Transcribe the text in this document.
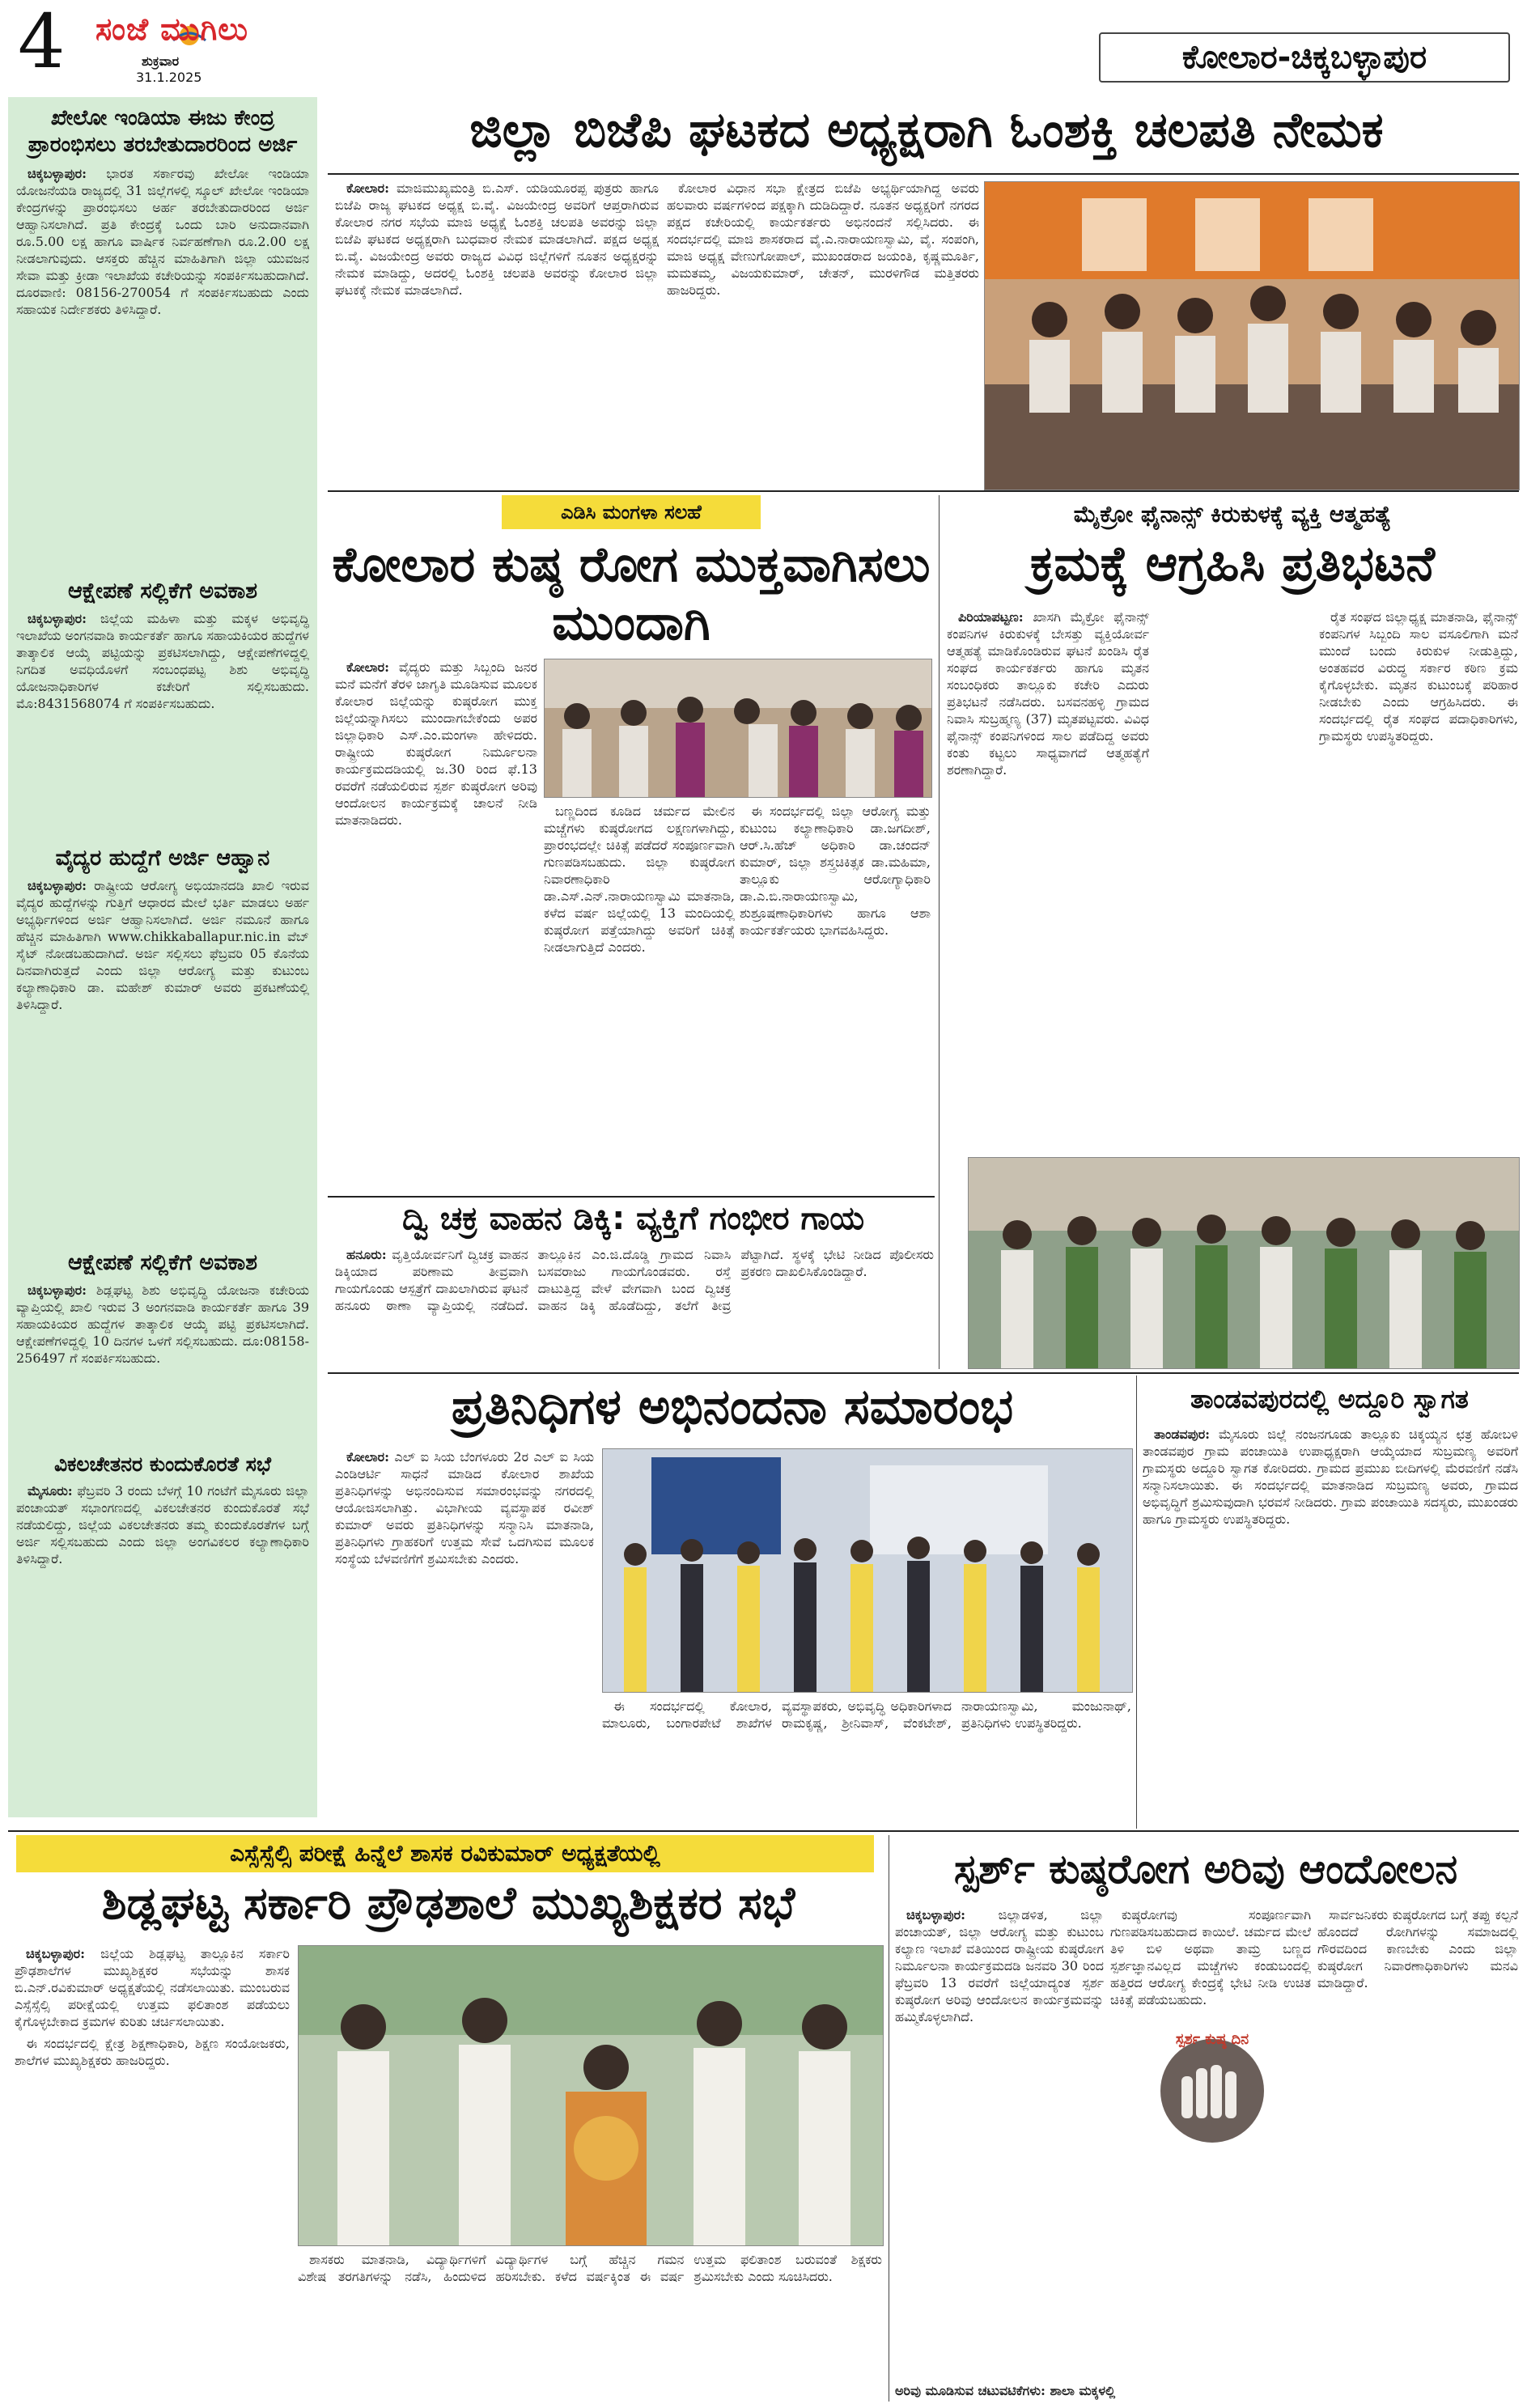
4 ಸಂಜೆ ಮುಗಿಲು
ಶುಕ್ರವಾರ
31.1.2025
ಕೋಲಾರ-ಚಿಕ್ಕಬಳ್ಳಾಪುರ
ಖೇಲೋ ಇಂಡಿಯಾ ಈಜು ಕೇಂದ್ರ ಪ್ರಾರಂಭಿಸಲು ತರಬೇತುದಾರರಿಂದ ಅರ್ಜಿ

ಚಿಕ್ಕಬಳ್ಳಾಪುರ: ಭಾರತ ಸರ್ಕಾರವು ಖೇಲೋ ಇಂಡಿಯಾ ಯೋಜನೆಯಡಿ ರಾಜ್ಯದಲ್ಲಿ 31 ಜಿಲ್ಲೆಗಳಲ್ಲಿ ಸ್ಕೂಲ್ ಖೇಲೋ ಇಂಡಿಯಾ ಕೇಂದ್ರಗಳನ್ನು ಪ್ರಾರಂಭಿಸಲು ಅರ್ಹ ತರಬೇತುದಾರರಿಂದ ಅರ್ಜಿ ಆಹ್ವಾನಿಸಲಾಗಿದೆ. ಪ್ರತಿ ಕೇಂದ್ರಕ್ಕೆ ಒಂದು ಬಾರಿ ಅನುದಾನವಾಗಿ ರೂ.5.00 ಲಕ್ಷ ಹಾಗೂ ವಾರ್ಷಿಕ ನಿರ್ವಹಣೆಗಾಗಿ ರೂ.2.00 ಲಕ್ಷ ನೀಡಲಾಗುವುದು. ಆಸಕ್ತರು ಹೆಚ್ಚಿನ ಮಾಹಿತಿಗಾಗಿ ಜಿಲ್ಲಾ ಯುವಜನ ಸೇವಾ ಮತ್ತು ಕ್ರೀಡಾ ಇಲಾಖೆಯ ಕಚೇರಿಯನ್ನು ಸಂಪರ್ಕಿಸಬಹುದಾಗಿದೆ. ದೂರವಾಣಿ: 08156-270054 ಗೆ ಸಂಪರ್ಕಿಸಬಹುದು ಎಂದು ಸಹಾಯಕ ನಿರ್ದೇಶಕರು ತಿಳಿಸಿದ್ದಾರೆ.

ಆಕ್ಷೇಪಣೆ ಸಲ್ಲಿಕೆಗೆ ಅವಕಾಶ

ಚಿಕ್ಕಬಳ್ಳಾಪುರ: ಜಿಲ್ಲೆಯ ಮಹಿಳಾ ಮತ್ತು ಮಕ್ಕಳ ಅಭಿವೃದ್ಧಿ ಇಲಾಖೆಯ ಅಂಗನವಾಡಿ ಕಾರ್ಯಕರ್ತೆ ಹಾಗೂ ಸಹಾಯಕಿಯರ ಹುದ್ದೆಗಳ ತಾತ್ಕಾಲಿಕ ಆಯ್ಕೆ ಪಟ್ಟಿಯನ್ನು ಪ್ರಕಟಿಸಲಾಗಿದ್ದು, ಆಕ್ಷೇಪಣೆಗಳಿದ್ದಲ್ಲಿ ನಿಗದಿತ ಅವಧಿಯೊಳಗೆ ಸಂಬಂಧಪಟ್ಟ ಶಿಶು ಅಭಿವೃದ್ಧಿ ಯೋಜನಾಧಿಕಾರಿಗಳ ಕಚೇರಿಗೆ ಸಲ್ಲಿಸಬಹುದು. ಮೊ:8431568074 ಗೆ ಸಂಪರ್ಕಿಸಬಹುದು.

ವೈದ್ಯರ ಹುದ್ದೆಗೆ ಅರ್ಜಿ ಆಹ್ವಾನ

ಚಿಕ್ಕಬಳ್ಳಾಪುರ: ರಾಷ್ಟ್ರೀಯ ಆರೋಗ್ಯ ಅಭಿಯಾನದಡಿ ಖಾಲಿ ಇರುವ ವೈದ್ಯರ ಹುದ್ದೆಗಳನ್ನು ಗುತ್ತಿಗೆ ಆಧಾರದ ಮೇಲೆ ಭರ್ತಿ ಮಾಡಲು ಅರ್ಹ ಅಭ್ಯರ್ಥಿಗಳಿಂದ ಅರ್ಜಿ ಆಹ್ವಾನಿಸಲಾಗಿದೆ. ಅರ್ಜಿ ನಮೂನೆ ಹಾಗೂ ಹೆಚ್ಚಿನ ಮಾಹಿತಿಗಾಗಿ www.chikkaballapur.nic.in ವೆಬ್ ಸೈಟ್ ನೋಡಬಹುದಾಗಿದೆ. ಅರ್ಜಿ ಸಲ್ಲಿಸಲು ಫೆಬ್ರವರಿ 05 ಕೊನೆಯ ದಿನವಾಗಿರುತ್ತದೆ ಎಂದು ಜಿಲ್ಲಾ ಆರೋಗ್ಯ ಮತ್ತು ಕುಟುಂಬ ಕಲ್ಯಾಣಾಧಿಕಾರಿ ಡಾ. ಮಹೇಶ್ ಕುಮಾರ್ ಅವರು ಪ್ರಕಟಣೆಯಲ್ಲಿ ತಿಳಿಸಿದ್ದಾರೆ.

ಆಕ್ಷೇಪಣೆ ಸಲ್ಲಿಕೆಗೆ ಅವಕಾಶ

ಚಿಕ್ಕಬಳ್ಳಾಪುರ: ಶಿಡ್ಲಘಟ್ಟ ಶಿಶು ಅಭಿವೃದ್ಧಿ ಯೋಜನಾ ಕಚೇರಿಯ ವ್ಯಾಪ್ತಿಯಲ್ಲಿ ಖಾಲಿ ಇರುವ 3 ಅಂಗನವಾಡಿ ಕಾರ್ಯಕರ್ತೆ ಹಾಗೂ 39 ಸಹಾಯಕಿಯರ ಹುದ್ದೆಗಳ ತಾತ್ಕಾಲಿಕ ಆಯ್ಕೆ ಪಟ್ಟಿ ಪ್ರಕಟಿಸಲಾಗಿದೆ. ಆಕ್ಷೇಪಣೆಗಳಿದ್ದಲ್ಲಿ 10 ದಿನಗಳ ಒಳಗೆ ಸಲ್ಲಿಸಬಹುದು. ದೂ:08158-256497 ಗೆ ಸಂಪರ್ಕಿಸಬಹುದು.

ವಿಕಲಚೇತನರ ಕುಂದುಕೊರತೆ ಸಭೆ

ಮೈಸೂರು: ಫೆಬ್ರವರಿ 3 ರಂದು ಬೆಳಗ್ಗೆ 10 ಗಂಟೆಗೆ ಮೈಸೂರು ಜಿಲ್ಲಾ ಪಂಚಾಯತ್ ಸಭಾಂಗಣದಲ್ಲಿ ವಿಕಲಚೇತನರ ಕುಂದುಕೊರತೆ ಸಭೆ ನಡೆಯಲಿದ್ದು, ಜಿಲ್ಲೆಯ ವಿಕಲಚೇತನರು ತಮ್ಮ ಕುಂದುಕೊರತೆಗಳ ಬಗ್ಗೆ ಅರ್ಜಿ ಸಲ್ಲಿಸಬಹುದು ಎಂದು ಜಿಲ್ಲಾ ಅಂಗವಿಕಲರ ಕಲ್ಯಾಣಾಧಿಕಾರಿ ತಿಳಿಸಿದ್ದಾರೆ.

ಜಿಲ್ಲಾ ಬಿಜೆಪಿ ಘಟಕದ ಅಧ್ಯಕ್ಷರಾಗಿ ಓಂಶಕ್ತಿ ಚಲಪತಿ ನೇಮಕ

ಕೋಲಾರ: ಮಾಜಿಮುಖ್ಯಮಂತ್ರಿ ಬಿ.ಎಸ್. ಯಡಿಯೂರಪ್ಪ ಪುತ್ರರು ಹಾಗೂ ಬಿಜೆಪಿ ರಾಜ್ಯ ಘಟಕದ ಅಧ್ಯಕ್ಷ ಬಿ.ವೈ. ವಿಜಯೇಂದ್ರ ಅವರಿಗೆ ಆಪ್ತರಾಗಿರುವ ಕೋಲಾರ ನಗರ ಸಭೆಯ ಮಾಜಿ ಅಧ್ಯಕ್ಷೆ ಓಂಶಕ್ತಿ ಚಲಪತಿ ಅವರನ್ನು ಜಿಲ್ಲಾ ಬಿಜೆಪಿ ಘಟಕದ ಅಧ್ಯಕ್ಷರಾಗಿ ಬುಧವಾರ ನೇಮಕ ಮಾಡಲಾಗಿದೆ. ಪಕ್ಷದ ಅಧ್ಯಕ್ಷ ಬಿ.ವೈ. ವಿಜಯೇಂದ್ರ ಅವರು ರಾಜ್ಯದ ವಿವಿಧ ಜಿಲ್ಲೆಗಳಿಗೆ ನೂತನ ಅಧ್ಯಕ್ಷರನ್ನು ನೇಮಕ ಮಾಡಿದ್ದು, ಅದರಲ್ಲಿ ಓಂಶಕ್ತಿ ಚಲಪತಿ ಅವರನ್ನು ಕೋಲಾರ ಜಿಲ್ಲಾ ಘಟಕಕ್ಕೆ ನೇಮಕ ಮಾಡಲಾಗಿದೆ.

ಕೋಲಾರ ವಿಧಾನ ಸಭಾ ಕ್ಷೇತ್ರದ ಬಿಜೆಪಿ ಅಭ್ಯರ್ಥಿಯಾಗಿದ್ದ ಅವರು ಹಲವಾರು ವರ್ಷಗಳಿಂದ ಪಕ್ಷಕ್ಕಾಗಿ ದುಡಿದಿದ್ದಾರೆ. ನೂತನ ಅಧ್ಯಕ್ಷರಿಗೆ ನಗರದ ಪಕ್ಷದ ಕಚೇರಿಯಲ್ಲಿ ಕಾರ್ಯಕರ್ತರು ಅಭಿನಂದನೆ ಸಲ್ಲಿಸಿದರು. ಈ ಸಂದರ್ಭದಲ್ಲಿ ಮಾಜಿ ಶಾಸಕರಾದ ವೈ.ಎ.ನಾರಾಯಣಸ್ವಾಮಿ, ವೈ. ಸಂಪಂಗಿ, ಮಾಜಿ ಅಧ್ಯಕ್ಷ ವೇಣುಗೋಪಾಲ್, ಮುಖಂಡರಾದ ಜಯಂತಿ, ಕೃಷ್ಣಮೂರ್ತಿ, ಮಮತಮ್ಮ, ವಿಜಯಕುಮಾರ್, ಚೇತನ್, ಮುರಳಿಗೌಡ ಮತ್ತಿತರರು ಹಾಜರಿದ್ದರು.

ಎಡಿಸಿ ಮಂಗಳಾ ಸಲಹೆ
ಕೋಲಾರ ಕುಷ್ಠ ರೋಗ ಮುಕ್ತವಾಗಿಸಲು ಮುಂದಾಗಿ

ಕೋಲಾರ: ವೈದ್ಯರು ಮತ್ತು ಸಿಬ್ಬಂದಿ ಜನರ ಮನೆ ಮನೆಗೆ ತೆರಳಿ ಜಾಗೃತಿ ಮೂಡಿಸುವ ಮೂಲಕ ಕೋಲಾರ ಜಿಲ್ಲೆಯನ್ನು ಕುಷ್ಠರೋಗ ಮುಕ್ತ ಜಿಲ್ಲೆಯನ್ನಾಗಿಸಲು ಮುಂದಾಗಬೇಕೆಂದು ಅಪರ ಜಿಲ್ಲಾಧಿಕಾರಿ ಎಸ್.ಎಂ.ಮಂಗಳಾ ಹೇಳಿದರು. ರಾಷ್ಟ್ರೀಯ ಕುಷ್ಠರೋಗ ನಿರ್ಮೂಲನಾ ಕಾರ್ಯಕ್ರಮದಡಿಯಲ್ಲಿ ಜ.30 ರಿಂದ ಫೆ.13 ರವರೆಗೆ ನಡೆಯಲಿರುವ ಸ್ಪರ್ಶ ಕುಷ್ಠರೋಗ ಅರಿವು ಆಂದೋಲನ ಕಾರ್ಯಕ್ರಮಕ್ಕೆ ಚಾಲನೆ ನೀಡಿ ಮಾತನಾಡಿದರು.

ಬಣ್ಣದಿಂದ ಕೂಡಿದ ಚರ್ಮದ ಮೇಲಿನ ಮಚ್ಚೆಗಳು ಕುಷ್ಠರೋಗದ ಲಕ್ಷಣಗಳಾಗಿದ್ದು, ಪ್ರಾರಂಭದಲ್ಲೇ ಚಿಕಿತ್ಸೆ ಪಡೆದರೆ ಸಂಪೂರ್ಣವಾಗಿ ಗುಣಪಡಿಸಬಹುದು. ಜಿಲ್ಲಾ ಕುಷ್ಠರೋಗ ನಿವಾರಣಾಧಿಕಾರಿ ಡಾ.ಎಸ್.ಎನ್.ನಾರಾಯಣಸ್ವಾಮಿ ಮಾತನಾಡಿ, ಕಳೆದ ವರ್ಷ ಜಿಲ್ಲೆಯಲ್ಲಿ 13 ಮಂದಿಯಲ್ಲಿ ಕುಷ್ಠರೋಗ ಪತ್ತೆಯಾಗಿದ್ದು ಅವರಿಗೆ ಚಿಕಿತ್ಸೆ ನೀಡಲಾಗುತ್ತಿದೆ ಎಂದರು.

ಈ ಸಂದರ್ಭದಲ್ಲಿ ಜಿಲ್ಲಾ ಆರೋಗ್ಯ ಮತ್ತು ಕುಟುಂಬ ಕಲ್ಯಾಣಾಧಿಕಾರಿ ಡಾ.ಜಗದೀಶ್, ಆರ್.ಸಿ.ಹೆಚ್ ಅಧಿಕಾರಿ ಡಾ.ಚಂದನ್ ಕುಮಾರ್, ಜಿಲ್ಲಾ ಶಸ್ತ್ರಚಿಕಿತ್ಸಕ ಡಾ.ಮಹಿಮಾ, ತಾಲ್ಲೂಕು ಆರೋಗ್ಯಾಧಿಕಾರಿ ಡಾ.ಎ.ಬಿ.ನಾರಾಯಣಸ್ವಾಮಿ, ಶುಶ್ರೂಷಣಾಧಿಕಾರಿಗಳು ಹಾಗೂ ಆಶಾ ಕಾರ್ಯಕರ್ತೆಯರು ಭಾಗವಹಿಸಿದ್ದರು.

ದ್ವಿ ಚಕ್ರ ವಾಹನ ಡಿಕ್ಕಿ: ವ್ಯಕ್ತಿಗೆ ಗಂಭೀರ ಗಾಯ

ಹನೂರು: ವೃತ್ತಿಯೋರ್ವನಿಗೆ ದ್ವಿಚಕ್ರ ವಾಹನ ಡಿಕ್ಕಿಯಾದ ಪರಿಣಾಮ ತೀವ್ರವಾಗಿ ಗಾಯಗೊಂಡು ಆಸ್ಪತ್ರೆಗೆ ದಾಖಲಾಗಿರುವ ಘಟನೆ ಹನೂರು ಠಾಣಾ ವ್ಯಾಪ್ತಿಯಲ್ಲಿ ನಡೆದಿದೆ. ತಾಲ್ಲೂಕಿನ ಎಂ.ಜಿ.ದೊಡ್ಡಿ ಗ್ರಾಮದ ನಿವಾಸಿ ಬಸವರಾಜು ಗಾಯಗೊಂಡವರು. ರಸ್ತೆ ದಾಟುತ್ತಿದ್ದ ವೇಳೆ ವೇಗವಾಗಿ ಬಂದ ದ್ವಿಚಕ್ರ ವಾಹನ ಡಿಕ್ಕಿ ಹೊಡೆದಿದ್ದು, ತಲೆಗೆ ತೀವ್ರ ಪೆಟ್ಟಾಗಿದೆ. ಸ್ಥಳಕ್ಕೆ ಭೇಟಿ ನೀಡಿದ ಪೊಲೀಸರು ಪ್ರಕರಣ ದಾಖಲಿಸಿಕೊಂಡಿದ್ದಾರೆ.

ಮೈಕ್ರೋ ಫೈನಾನ್ಸ್ ಕಿರುಕುಳಕ್ಕೆ ವ್ಯಕ್ತಿ ಆತ್ಮಹತ್ಯೆ
ಕ್ರಮಕ್ಕೆ ಆಗ್ರಹಿಸಿ ಪ್ರತಿಭಟನೆ

ಪಿರಿಯಾಪಟ್ಟಣ: ಖಾಸಗಿ ಮೈಕ್ರೋ ಫೈನಾನ್ಸ್ ಕಂಪನಿಗಳ ಕಿರುಕುಳಕ್ಕೆ ಬೇಸತ್ತು ವ್ಯಕ್ತಿಯೋರ್ವ ಆತ್ಮಹತ್ಯೆ ಮಾಡಿಕೊಂಡಿರುವ ಘಟನೆ ಖಂಡಿಸಿ ರೈತ ಸಂಘದ ಕಾರ್ಯಕರ್ತರು ಹಾಗೂ ಮೃತನ ಸಂಬಂಧಿಕರು ತಾಲ್ಲೂಕು ಕಚೇರಿ ಎದುರು ಪ್ರತಿಭಟನೆ ನಡೆಸಿದರು. ಬಸವನಹಳ್ಳಿ ಗ್ರಾಮದ ನಿವಾಸಿ ಸುಬ್ರಹ್ಮಣ್ಯ (37) ಮೃತಪಟ್ಟವರು. ವಿವಿಧ ಫೈನಾನ್ಸ್ ಕಂಪನಿಗಳಿಂದ ಸಾಲ ಪಡೆದಿದ್ದ ಅವರು ಕಂತು ಕಟ್ಟಲು ಸಾಧ್ಯವಾಗದೆ ಆತ್ಮಹತ್ಯೆಗೆ ಶರಣಾಗಿದ್ದಾರೆ.

ರೈತ ಸಂಘದ ಜಿಲ್ಲಾಧ್ಯಕ್ಷ ಮಾತನಾಡಿ, ಫೈನಾನ್ಸ್ ಕಂಪನಿಗಳ ಸಿಬ್ಬಂದಿ ಸಾಲ ವಸೂಲಿಗಾಗಿ ಮನೆ ಮುಂದೆ ಬಂದು ಕಿರುಕುಳ ನೀಡುತ್ತಿದ್ದು, ಅಂತಹವರ ವಿರುದ್ಧ ಸರ್ಕಾರ ಕಠಿಣ ಕ್ರಮ ಕೈಗೊಳ್ಳಬೇಕು. ಮೃತನ ಕುಟುಂಬಕ್ಕೆ ಪರಿಹಾರ ನೀಡಬೇಕು ಎಂದು ಆಗ್ರಹಿಸಿದರು. ಈ ಸಂದರ್ಭದಲ್ಲಿ ರೈತ ಸಂಘದ ಪದಾಧಿಕಾರಿಗಳು, ಗ್ರಾಮಸ್ಥರು ಉಪಸ್ಥಿತರಿದ್ದರು.

ಪ್ರತಿನಿಧಿಗಳ ಅಭಿನಂದನಾ ಸಮಾರಂಭ

ಕೋಲಾರ: ಎಲ್ ಐ ಸಿಯ ಬೆಂಗಳೂರು 2ರ ಎಲ್ ಐ ಸಿಯ ಎಂಡಿಆರ್ಟಿ ಸಾಧನೆ ಮಾಡಿದ ಕೋಲಾರ ಶಾಖೆಯ ಪ್ರತಿನಿಧಿಗಳನ್ನು ಅಭಿನಂದಿಸುವ ಸಮಾರಂಭವನ್ನು ನಗರದಲ್ಲಿ ಆಯೋಜಿಸಲಾಗಿತ್ತು. ವಿಭಾಗೀಯ ವ್ಯವಸ್ಥಾಪಕ ರವೀಶ್ ಕುಮಾರ್ ಅವರು ಪ್ರತಿನಿಧಿಗಳನ್ನು ಸನ್ಮಾನಿಸಿ ಮಾತನಾಡಿ, ಪ್ರತಿನಿಧಿಗಳು ಗ್ರಾಹಕರಿಗೆ ಉತ್ತಮ ಸೇವೆ ಒದಗಿಸುವ ಮೂಲಕ ಸಂಸ್ಥೆಯ ಬೆಳವಣಿಗೆಗೆ ಶ್ರಮಿಸಬೇಕು ಎಂದರು.

ಈ ಸಂದರ್ಭದಲ್ಲಿ ಕೋಲಾರ, ಮಾಲೂರು, ಬಂಗಾರಪೇಟೆ ಶಾಖೆಗಳ ವ್ಯವಸ್ಥಾಪಕರು, ಅಭಿವೃದ್ಧಿ ಅಧಿಕಾರಿಗಳಾದ ರಾಮಕೃಷ್ಣ, ಶ್ರೀನಿವಾಸ್, ವೆಂಕಟೇಶ್, ನಾರಾಯಣಸ್ವಾಮಿ, ಮಂಜುನಾಥ್, ಪ್ರತಿನಿಧಿಗಳು ಉಪಸ್ಥಿತರಿದ್ದರು.

ತಾಂಡವಪುರದಲ್ಲಿ ಅದ್ದೂರಿ ಸ್ವಾಗತ

ತಾಂಡವಪುರ: ಮೈಸೂರು ಜಿಲ್ಲೆ ನಂಜನಗೂಡು ತಾಲ್ಲೂಕು ಚಿಕ್ಕಯ್ಯನ ಛತ್ರ ಹೋಬಳಿ ತಾಂಡವಪುರ ಗ್ರಾಮ ಪಂಚಾಯಿತಿ ಉಪಾಧ್ಯಕ್ಷರಾಗಿ ಆಯ್ಕೆಯಾದ ಸುಬ್ರಮಣ್ಯ ಅವರಿಗೆ ಗ್ರಾಮಸ್ಥರು ಅದ್ದೂರಿ ಸ್ವಾಗತ ಕೋರಿದರು. ಗ್ರಾಮದ ಪ್ರಮುಖ ಬೀದಿಗಳಲ್ಲಿ ಮೆರವಣಿಗೆ ನಡೆಸಿ ಸನ್ಮಾನಿಸಲಾಯಿತು. ಈ ಸಂದರ್ಭದಲ್ಲಿ ಮಾತನಾಡಿದ ಸುಬ್ರಮಣ್ಯ ಅವರು, ಗ್ರಾಮದ ಅಭಿವೃದ್ಧಿಗೆ ಶ್ರಮಿಸುವುದಾಗಿ ಭರವಸೆ ನೀಡಿದರು. ಗ್ರಾಮ ಪಂಚಾಯಿತಿ ಸದಸ್ಯರು, ಮುಖಂಡರು ಹಾಗೂ ಗ್ರಾಮಸ್ಥರು ಉಪಸ್ಥಿತರಿದ್ದರು.

ಎಸ್ಸೆಸ್ಸೆಲ್ಸಿ ಪರೀಕ್ಷೆ ಹಿನ್ನೆಲೆ ಶಾಸಕ ರವಿಕುಮಾರ್ ಅಧ್ಯಕ್ಷತೆಯಲ್ಲಿ
ಶಿಡ್ಲಘಟ್ಟ ಸರ್ಕಾರಿ ಪ್ರೌಢಶಾಲೆ ಮುಖ್ಯಶಿಕ್ಷಕರ ಸಭೆ

ಚಿಕ್ಕಬಳ್ಳಾಪುರ: ಜಿಲ್ಲೆಯ ಶಿಡ್ಲಘಟ್ಟ ತಾಲ್ಲೂಕಿನ ಸರ್ಕಾರಿ ಪ್ರೌಢಶಾಲೆಗಳ ಮುಖ್ಯಶಿಕ್ಷಕರ ಸಭೆಯನ್ನು ಶಾಸಕ ಬಿ.ಎನ್.ರವಿಕುಮಾರ್ ಅಧ್ಯಕ್ಷತೆಯಲ್ಲಿ ನಡೆಸಲಾಯಿತು. ಮುಂಬರುವ ಎಸ್ಸೆಸ್ಸೆಲ್ಸಿ ಪರೀಕ್ಷೆಯಲ್ಲಿ ಉತ್ತಮ ಫಲಿತಾಂಶ ಪಡೆಯಲು ಕೈಗೊಳ್ಳಬೇಕಾದ ಕ್ರಮಗಳ ಕುರಿತು ಚರ್ಚಿಸಲಾಯಿತು.

ಈ ಸಂದರ್ಭದಲ್ಲಿ ಕ್ಷೇತ್ರ ಶಿಕ್ಷಣಾಧಿಕಾರಿ, ಶಿಕ್ಷಣ ಸಂಯೋಜಕರು, ಶಾಲೆಗಳ ಮುಖ್ಯಶಿಕ್ಷಕರು ಹಾಜರಿದ್ದರು.

ಶಾಸಕರು ಮಾತನಾಡಿ, ವಿದ್ಯಾರ್ಥಿಗಳಿಗೆ ವಿಶೇಷ ತರಗತಿಗಳನ್ನು ನಡೆಸಿ, ಹಿಂದುಳಿದ ವಿದ್ಯಾರ್ಥಿಗಳ ಬಗ್ಗೆ ಹೆಚ್ಚಿನ ಗಮನ ಹರಿಸಬೇಕು. ಕಳೆದ ವರ್ಷಕ್ಕಿಂತ ಈ ವರ್ಷ ಉತ್ತಮ ಫಲಿತಾಂಶ ಬರುವಂತೆ ಶಿಕ್ಷಕರು ಶ್ರಮಿಸಬೇಕು ಎಂದು ಸೂಚಿಸಿದರು.

ಸ್ಪರ್ಶ್ ಕುಷ್ಠರೋಗ ಅರಿವು ಆಂದೋಲನ

ಚಿಕ್ಕಬಳ್ಳಾಪುರ:	ಜಿಲ್ಲಾಡಳಿತ, ಜಿಲ್ಲಾ ಪಂಚಾಯತ್, ಜಿಲ್ಲಾ ಆರೋಗ್ಯ ಮತ್ತು ಕುಟುಂಬ ಕಲ್ಯಾಣ ಇಲಾಖೆ ವತಿಯಿಂದ ರಾಷ್ಟ್ರೀಯ ಕುಷ್ಠರೋಗ ನಿರ್ಮೂಲನಾ ಕಾರ್ಯಕ್ರಮದಡಿ ಜನವರಿ 30 ರಿಂದ ಫೆಬ್ರವರಿ 13 ರವರೆಗೆ ಜಿಲ್ಲೆಯಾದ್ಯಂತ ಸ್ಪರ್ಶ ಕುಷ್ಠರೋಗ ಅರಿವು ಆಂದೋಲನ ಕಾರ್ಯಕ್ರಮವನ್ನು ಹಮ್ಮಿಕೊಳ್ಳಲಾಗಿದೆ.

ಕುಷ್ಠರೋಗವು ಸಂಪೂರ್ಣವಾಗಿ ಗುಣಪಡಿಸಬಹುದಾದ ಕಾಯಿಲೆ. ಚರ್ಮದ ಮೇಲೆ ತಿಳಿ ಬಿಳಿ ಅಥವಾ ತಾಮ್ರ ಬಣ್ಣದ ಸ್ಪರ್ಶಜ್ಞಾನವಿಲ್ಲದ ಮಚ್ಚೆಗಳು ಕಂಡುಬಂದಲ್ಲಿ ಹತ್ತಿರದ ಆರೋಗ್ಯ ಕೇಂದ್ರಕ್ಕೆ ಭೇಟಿ ನೀಡಿ ಉಚಿತ ಚಿಕಿತ್ಸೆ ಪಡೆಯಬಹುದು.

ಸ್ಪರ್ಶ ಕುಷ್ಠ ದಿನ

ಸಾರ್ವಜನಿಕರು ಕುಷ್ಠರೋಗದ ಬಗ್ಗೆ ತಪ್ಪು ಕಲ್ಪನೆ ಹೊಂದದೆ ರೋಗಿಗಳನ್ನು ಸಮಾಜದಲ್ಲಿ ಗೌರವದಿಂದ ಕಾಣಬೇಕು ಎಂದು ಜಿಲ್ಲಾ ಕುಷ್ಠರೋಗ ನಿವಾರಣಾಧಿಕಾರಿಗಳು ಮನವಿ ಮಾಡಿದ್ದಾರೆ.

ಅರಿವು ಮೂಡಿಸುವ ಚಟುವಟಿಕೆಗಳು: ಶಾಲಾ ಮಕ್ಕಳಲ್ಲಿ
